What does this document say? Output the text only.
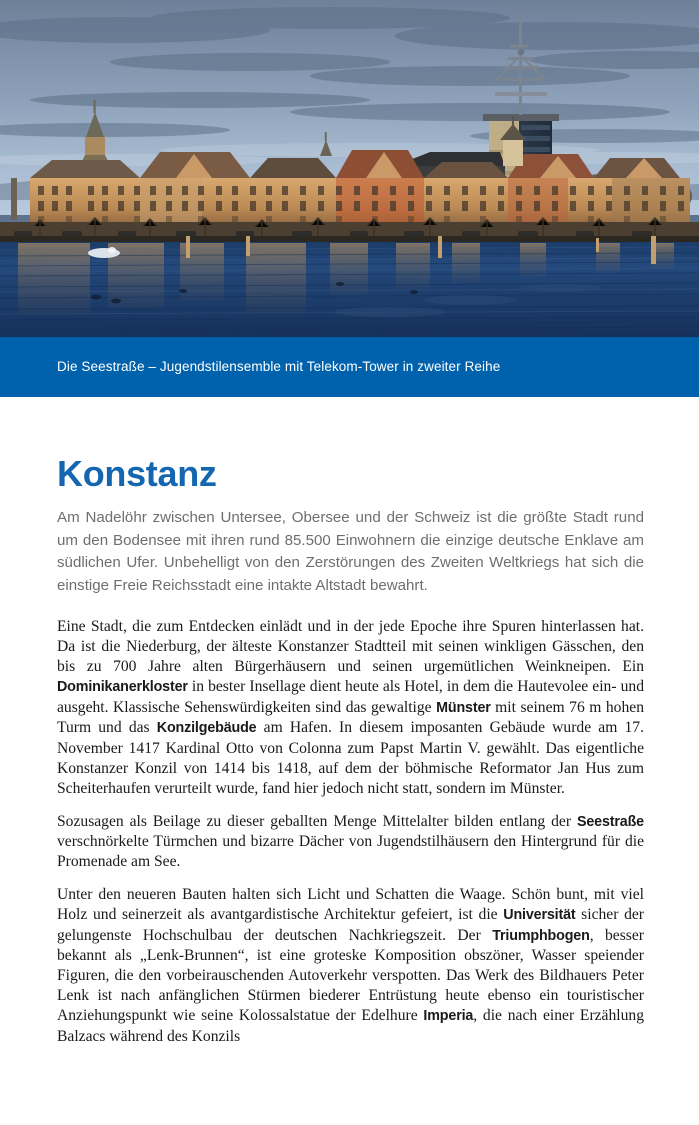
Die Seestraße – Jugendstilensemble mit Telekom-Tower in zweiter Reihe
Konstanz

Am Nadelöhr zwischen Untersee, Obersee und der Schweiz ist die größte Stadt rund um den Bodensee mit ihren rund 85.500 Einwohnern die einzige deutsche Enklave am südlichen Ufer. Unbehelligt von den Zerstörungen des Zweiten Weltkriegs hat sich die einstige Freie Reichsstadt eine intakte Altstadt bewahrt.

Eine Stadt, die zum Entdecken einlädt und in der jede Epoche ihre Spuren hinterlassen hat. Da ist die Niederburg, der älteste Konstanzer Stadtteil mit seinen winkligen Gässchen, den bis zu 700 Jahre alten Bürgerhäusern und seinen urgemütlichen Weinkneipen. Ein Dominikanerkloster in bester Insellage dient heute als Hotel, in dem die Hautevolee ein- und ausgeht. Klassische Sehenswürdigkeiten sind das gewaltige Münster mit seinem 76 m hohen Turm und das Konzilgebäude am Hafen. In diesem imposanten Gebäude wurde am 17. November 1417 Kardinal Otto von Colonna zum Papst Martin V. gewählt. Das eigentliche Konstanzer Konzil von 1414 bis 1418, auf dem der böhmische Reformator Jan Hus zum Scheiterhaufen verurteilt wurde, fand hier jedoch nicht statt, sondern im Münster.

Sozusagen als Beilage zu dieser geballten Menge Mittelalter bilden entlang der Seestraße verschnörkelte Türmchen und bizarre Dächer von Jugendstilhäusern den Hintergrund für die Promenade am See.

Unter den neueren Bauten halten sich Licht und Schatten die Waage. Schön bunt, mit viel Holz und seinerzeit als avantgardistische Architektur gefeiert, ist die Universität sicher der gelungenste Hochschulbau der deutschen Nachkriegszeit. Der Triumphbogen, besser bekannt als „Lenk-Brunnen“, ist eine groteske Komposition obszöner, Wasser speiender Figuren, die den vorbeirauschenden Autoverkehr verspotten. Das Werk des Bildhauers Peter Lenk ist nach anfänglichen Stürmen biederer Entrüstung heute ebenso ein touristischer Anziehungspunkt wie seine Kolossalstatue der Edelhure Imperia, die nach einer Erzählung Balzacs während des Konzils
